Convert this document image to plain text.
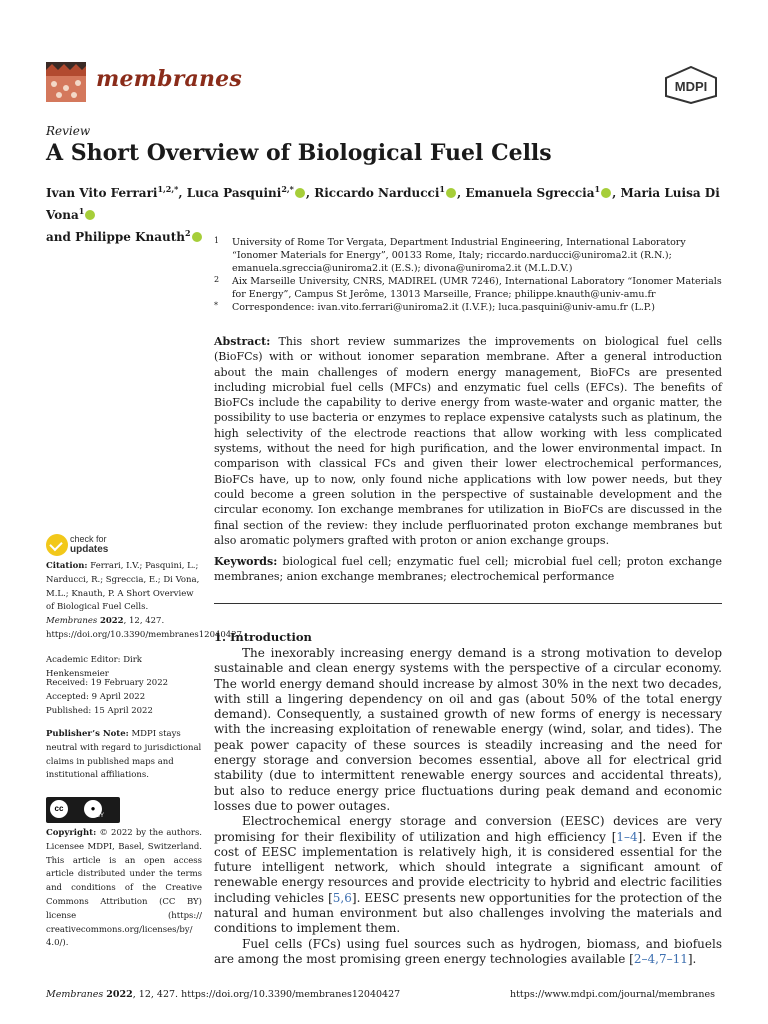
membranes	MDPI
Review
A Short Overview of Biological Fuel Cells
Ivan Vito Ferrari$^{1,2,*}$, Luca Pasquini$^{2,*}$ , Riccardo Narducci$^1$ , Emanuela Sgreccia$^1$ , Maria Luisa Di Vona$^1$
and Philippe Knauth$^2$
1 University of Rome Tor Vergata, Department Industrial Engineering, International Laboratory “Ionomer Materials for Energy”, 00133 Rome, Italy; riccardo.narducci@uniroma2.it (R.N.); emanuela.sgreccia@uniroma2.it (E.S.); divona@uniroma2.it (M.L.D.V.)
2 Aix Marseille University, CNRS, MADIREL (UMR 7246), International Laboratory “Ionomer Materials for Energy”, Campus St Jerôme, 13013 Marseille, France; philippe.knauth@univ-amu.fr
* Correspondence: ivan.vito.ferrari@uniroma2.it (I.V.F.); luca.pasquini@univ-amu.fr (L.P.)

Abstract: This short review summarizes the improvements on biological fuel cells (BioFCs) with or without ionomer separation membrane. After a general introduction about the main challenges of modern energy management, BioFCs are presented including microbial fuel cells (MFCs) and enzymatic fuel cells (EFCs). The benefits of BioFCs include the capability to derive energy from waste-water and organic matter, the possibility to use bacteria or enzymes to replace expensive catalysts such as platinum, the high selectivity of the electrode reactions that allow working with less complicated systems, without the need for high purification, and the lower environmental impact. In comparison with classical FCs and given their lower electrochemical performances, BioFCs have, up to now, only found niche applications with low power needs, but they could become a green solution in the perspective of sustainable development and the circular economy. Ion exchange membranes for utilization in BioFCs are discussed in the final section of the review: they include perfluorinated proton exchange membranes but also aromatic polymers grafted with proton or anion exchange groups.

Keywords: biological fuel cell; enzymatic fuel cell; microbial fuel cell; proton exchange membranes; anion exchange membranes; electrochemical performance

1. Introduction

The inexorably increasing energy demand is a strong motivation to develop sustainable and clean energy systems with the perspective of a circular economy. The world energy demand should increase by almost 30% in the next two decades, with still a lingering dependency on oil and gas (about 50% of the total energy demand). Consequently, a sustained growth of new forms of energy is necessary with the increasing exploitation of renewable energy (wind, solar, and tides). The peak power capacity of these sources is steadily increasing and the need for energy storage and conversion becomes essential, above all for electrical grid stability (due to intermittent renewable energy sources and accidental threats), but also to reduce energy price fluctuations during peak demand and economic losses due to power outages.

Electrochemical energy storage and conversion (EESC) devices are very promising for their flexibility of utilization and high efficiency [1–4]. Even if the cost of EESC implementation is relatively high, it is considered essential for the future intelligent network, which should integrate a significant amount of renewable energy resources and provide electricity to hybrid and electric facilities including vehicles [5,6]. EESC presents new opportunities for the protection of the natural and human environment but also challenges involving the materials and conditions to implement them.

Fuel cells (FCs) using fuel sources such as hydrogen, biomass, and biofuels are among the most promising green energy technologies available [2–4,7–11].

check for
updates
Citation: Ferrari, I.V.; Pasquini, L.; Narducci, R.; Sgreccia, E.; Di Vona, M.L.; Knauth, P. A Short Overview of Biological Fuel Cells. Membranes 2022, 12, 427. https://doi.org/10.3390/membranes12040427
Academic Editor: Dirk Henkensmeier
Received: 19 February 2022
Accepted: 9 April 2022
Published: 15 April 2022
Publisher’s Note: MDPI stays neutral with regard to jurisdictional claims in published maps and institutional affiliations.
cc	●
BY
Copyright: © 2022 by the authors. Licensee MDPI, Basel, Switzerland. This article is an open access article distributed under the terms and conditions of the Creative Commons Attribution (CC BY) license (https:// creativecommons.org/licenses/by/ 4.0/).
Membranes 2022, 12, 427. https://doi.org/10.3390/membranes12040427	https://www.mdpi.com/journal/membranes
